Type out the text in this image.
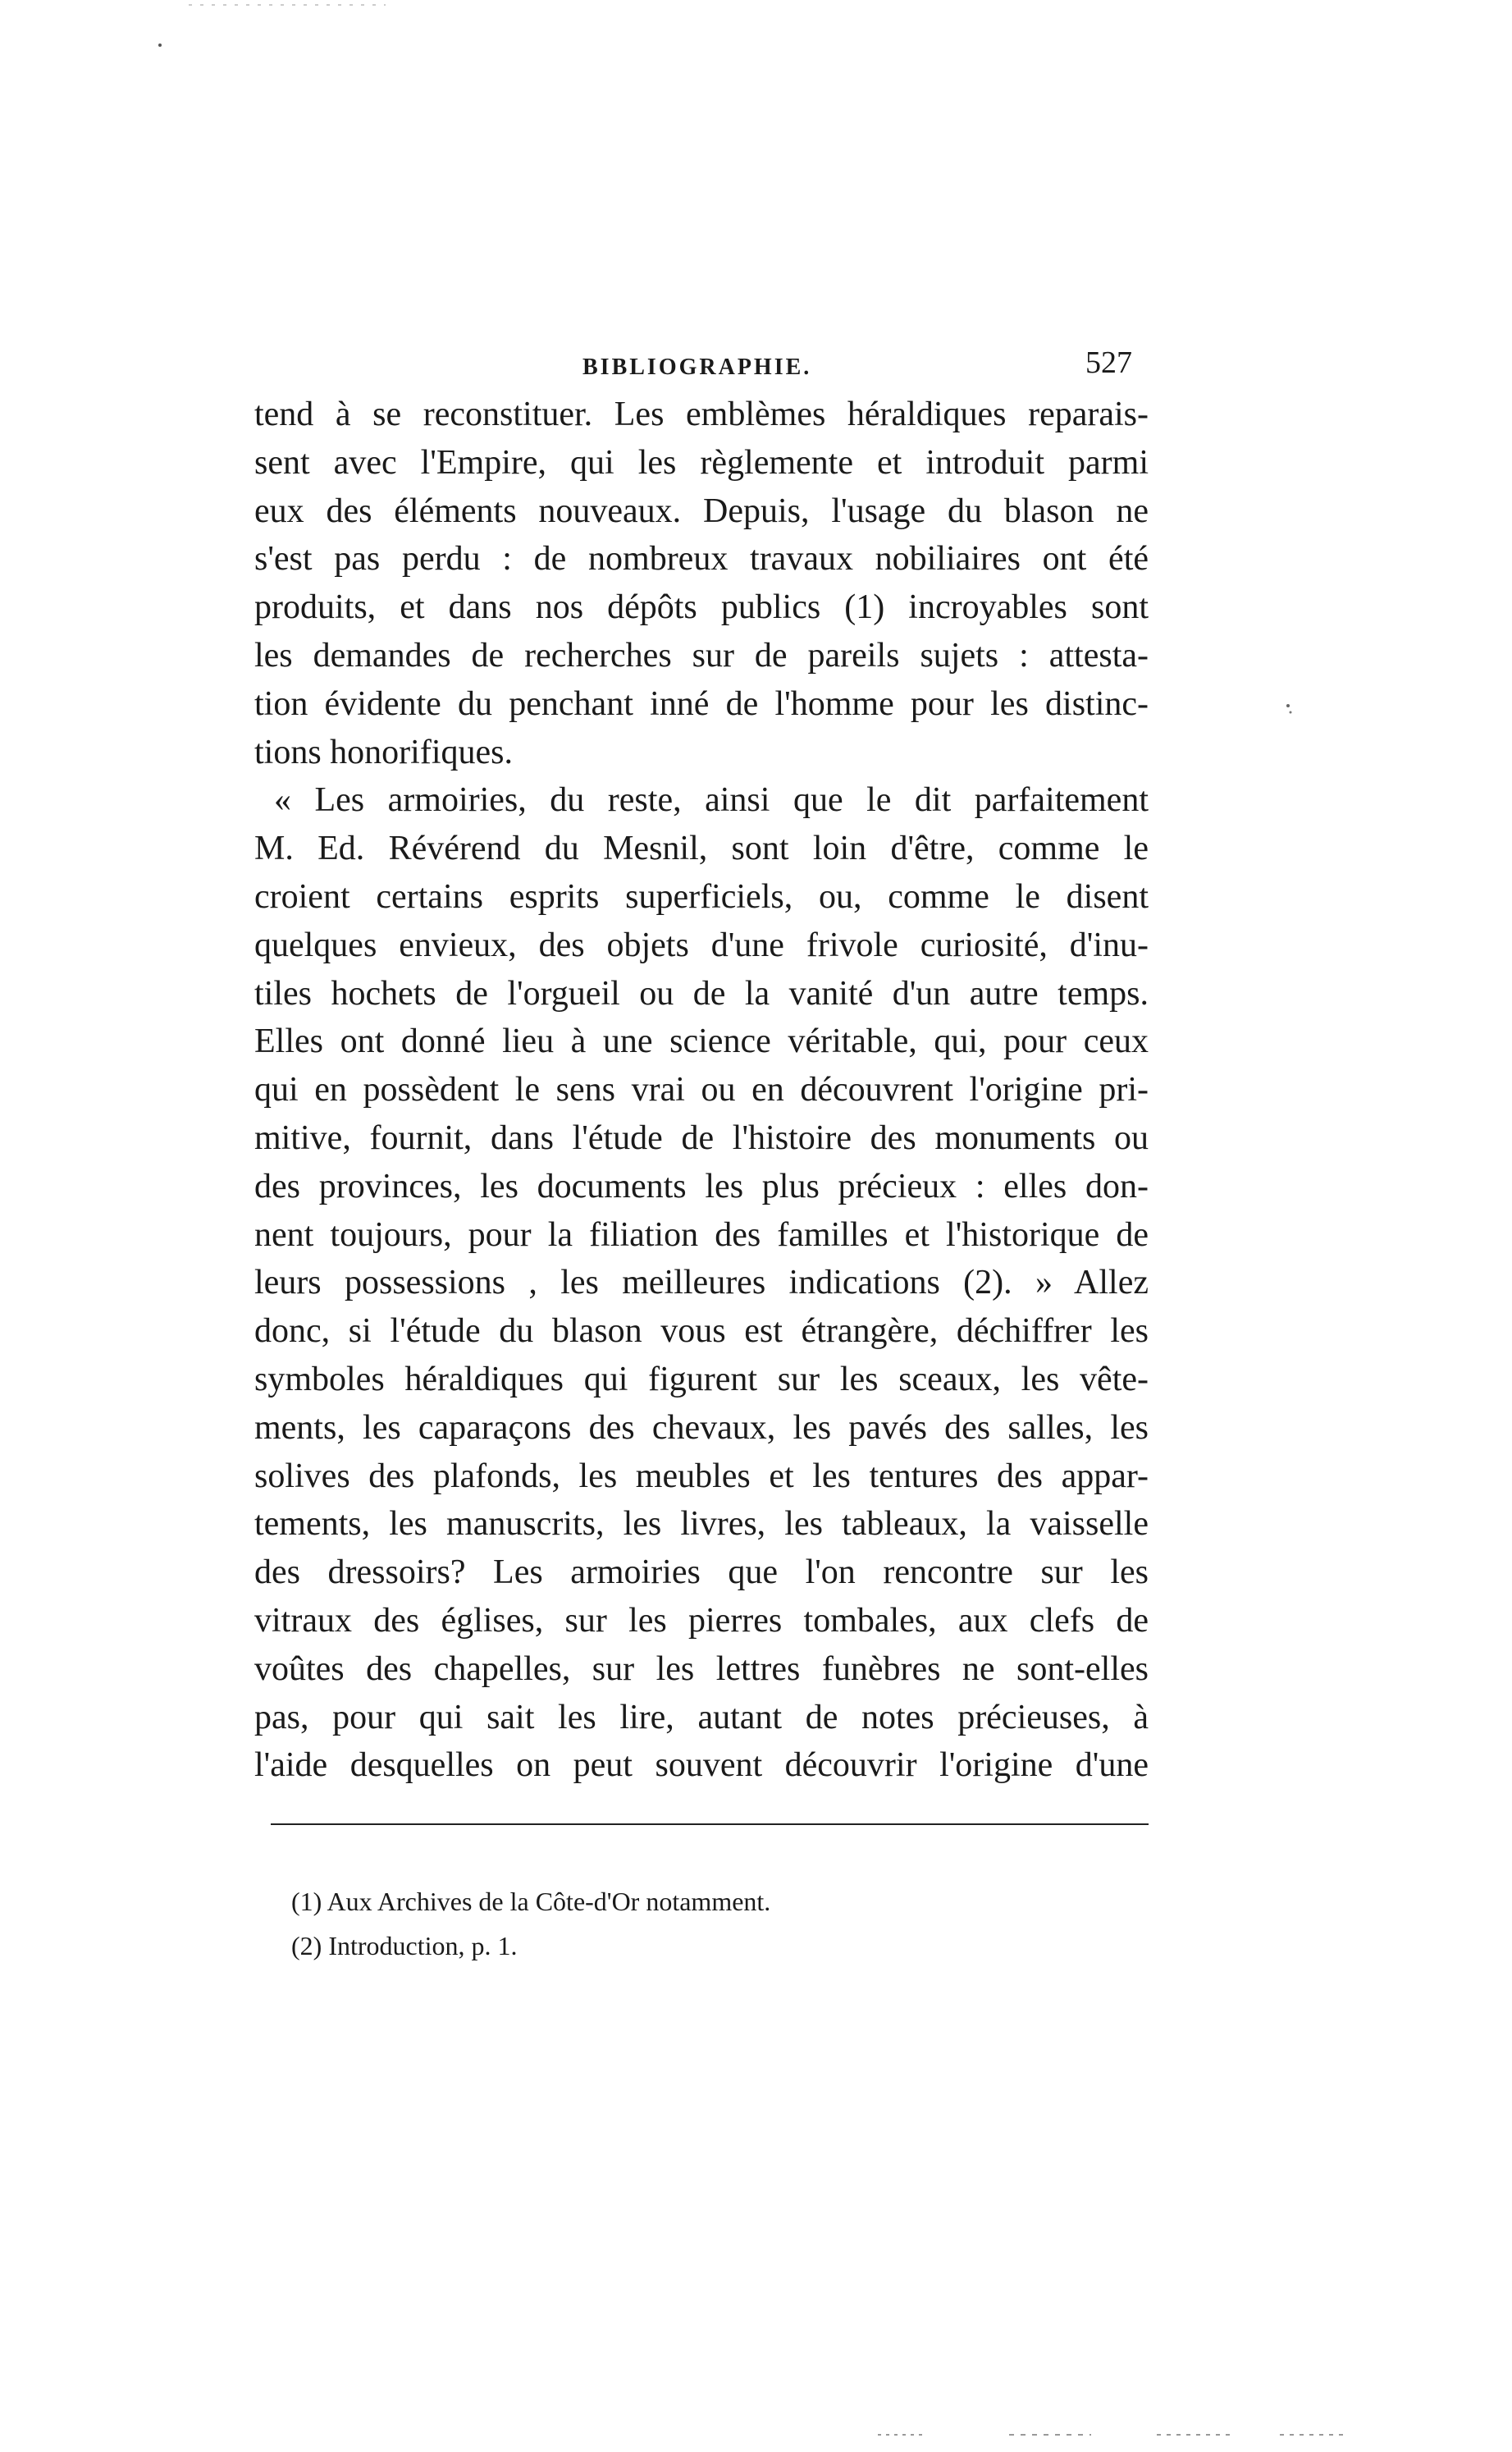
BIBLIOGRAPHIE.	527
tend à se reconstituer. Les emblèmes héraldiques reparais-
sent avec l'Empire, qui les règlemente et introduit parmi
eux des éléments nouveaux. Depuis, l'usage du blason ne
s'est pas perdu : de nombreux travaux nobiliaires ont été
produits, et dans nos dépôts publics (1) incroyables sont
les demandes de recherches sur de pareils sujets : attesta-
tion évidente du penchant inné de l'homme pour les distinc-
tions honorifiques.
« Les armoiries, du reste, ainsi que le dit parfaitement
M. Ed. Révérend du Mesnil, sont loin d'être, comme le
croient certains esprits superficiels, ou, comme le disent
quelques envieux, des objets d'une frivole curiosité, d'inu-
tiles hochets de l'orgueil ou de la vanité d'un autre temps.
Elles ont donné lieu à une science véritable, qui, pour ceux
qui en possèdent le sens vrai ou en découvrent l'origine pri-
mitive, fournit, dans l'étude de l'histoire des monuments ou
des provinces, les documents les plus précieux : elles don-
nent toujours, pour la filiation des familles et l'historique de
leurs possessions , les meilleures indications (2). » Allez
donc, si l'étude du blason vous est étrangère, déchiffrer les
symboles héraldiques qui figurent sur les sceaux, les vête-
ments, les caparaçons des chevaux, les pavés des salles, les
solives des plafonds, les meubles et les tentures des appar-
tements, les manuscrits, les livres, les tableaux, la vaisselle
des dressoirs? Les armoiries que l'on rencontre sur les
vitraux des églises, sur les pierres tombales, aux clefs de
voûtes des chapelles, sur les lettres funèbres ne sont-elles
pas, pour qui sait les lire, autant de notes précieuses, à
l'aide desquelles on peut souvent découvrir l'origine d'une
(1) Aux Archives de la Côte-d'Or notamment.
(2) Introduction, p. 1.
